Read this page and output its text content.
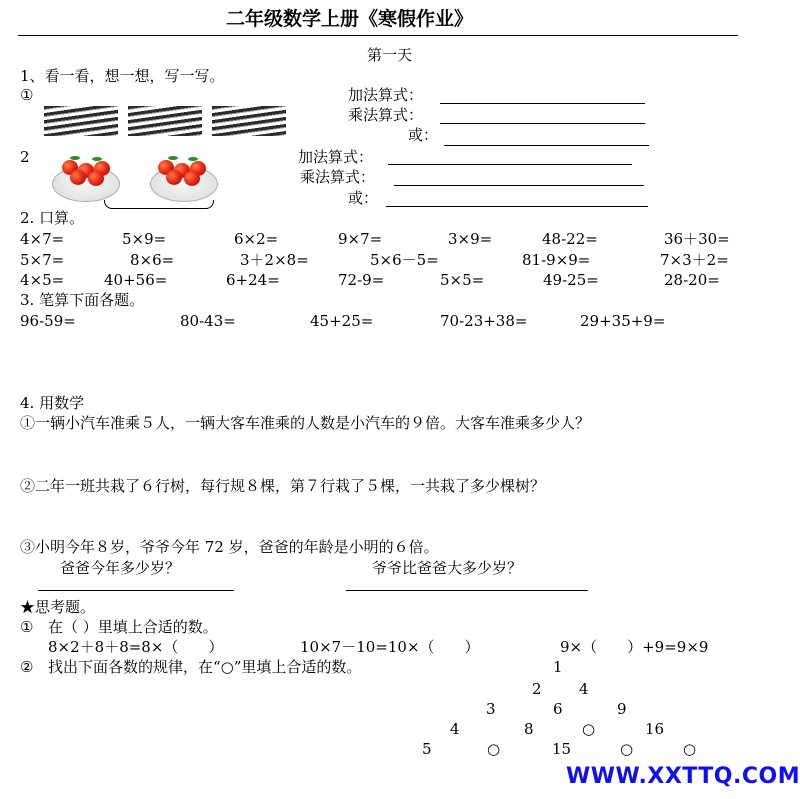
二年级数学上册《寒假作业》
第一天
1、看一看，想一想，写一写。
①	加法算式：
乘法算式：
或：
2	加法算式：
乘法算式：
或：
2. 口算。
4×7=	5×9=	6×2=	9×7=	3×9=	48-22=	36＋30=
5×7=	8×6=	3＋2×8=	5×6－5=	81-9×9=	7×3＋2=
4×5=	40+56=	6+24=	72-9=	5×5=	49-25=	28-20=
3. 笔算下面各题。
96-59=	80-43=	45+25=	70-23+38=	29+35+9=
4. 用数学
①一辆小汽车准乘５人，一辆大客车准乘的人数是小汽车的９倍。大客车准乘多少人？
②二年一班共栽了６行树，每行规８棵，第７行栽了５棵，一共栽了多少棵树？
③小明今年８岁，爷爷今年 72 岁，爸爸的年龄是小明的６倍。
爸爸今年多少岁？	爷爷比爸爸大多少岁？
★思考题。
① 在（ ）里填上合适的数。
8×2＋8＋8=8×（　　）	10×7－10=10×（　　）	9×（　　）+9=9×9
② 找出下面各数的规律，在“○”里填上合适的数。	1
2 4
3	6	9
4	8	○	16
5	○	15	○	○
WWW.XXTTQ.COM
